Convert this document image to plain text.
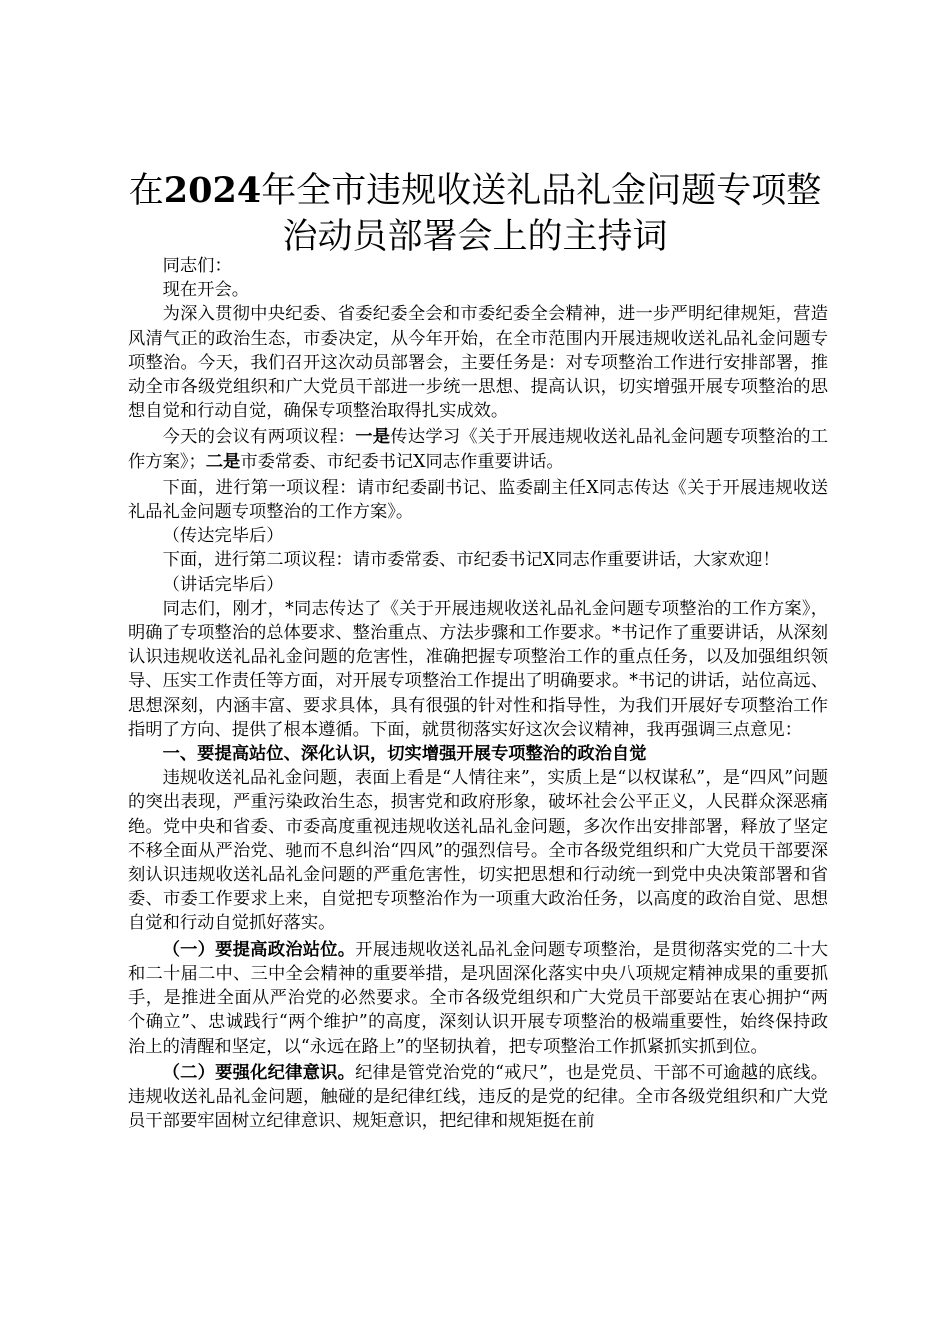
在2024年全市违规收送礼品礼金问题专项整治动员部署会上的主持词

同志们：

现在开会。

为深入贯彻中央纪委、省委纪委全会和市委纪委全会精神，进一步严明纪律规矩，营造风清气正的政治生态，市委决定，从今年开始，在全市范围内开展违规收送礼品礼金问题专项整治。今天，我们召开这次动员部署会，主要任务是：对专项整治工作进行安排部署，推动全市各级党组织和广大党员干部进一步统一思想、提高认识，切实增强开展专项整治的思想自觉和行动自觉，确保专项整治取得扎实成效。

今天的会议有两项议程：一是传达学习《关于开展违规收送礼品礼金问题专项整治的工作方案》；二是市委常委、市纪委书记X同志作重要讲话。

下面，进行第一项议程：请市纪委副书记、监委副主任X同志传达《关于开展违规收送礼品礼金问题专项整治的工作方案》。

（传达完毕后）

下面，进行第二项议程：请市委常委、市纪委书记X同志作重要讲话，大家欢迎！

（讲话完毕后）

同志们，刚才，*同志传达了《关于开展违规收送礼品礼金问题专项整治的工作方案》，明确了专项整治的总体要求、整治重点、方法步骤和工作要求。*书记作了重要讲话，从深刻认识违规收送礼品礼金问题的危害性，准确把握专项整治工作的重点任务，以及加强组织领导、压实工作责任等方面，对开展专项整治工作提出了明确要求。*书记的讲话，站位高远、思想深刻，内涵丰富、要求具体，具有很强的针对性和指导性，为我们开展好专项整治工作指明了方向、提供了根本遵循。下面，就贯彻落实好这次会议精神，我再强调三点意见：

一、要提高站位、深化认识，切实增强开展专项整治的政治自觉

违规收送礼品礼金问题，表面上看是“人情往来”，实质上是“以权谋私”，是“四风”问题的突出表现，严重污染政治生态，损害党和政府形象，破坏社会公平正义，人民群众深恶痛绝。党中央和省委、市委高度重视违规收送礼品礼金问题，多次作出安排部署，释放了坚定不移全面从严治党、驰而不息纠治“四风”的强烈信号。全市各级党组织和广大党员干部要深刻认识违规收送礼品礼金问题的严重危害性，切实把思想和行动统一到党中央决策部署和省委、市委工作要求上来，自觉把专项整治作为一项重大政治任务，以高度的政治自觉、思想自觉和行动自觉抓好落实。

（一）要提高政治站位。开展违规收送礼品礼金问题专项整治，是贯彻落实党的二十大和二十届二中、三中全会精神的重要举措，是巩固深化落实中央八项规定精神成果的重要抓手，是推进全面从严治党的必然要求。全市各级党组织和广大党员干部要站在衷心拥护“两个确立”、忠诚践行“两个维护”的高度，深刻认识开展专项整治的极端重要性，始终保持政治上的清醒和坚定，以“永远在路上”的坚韧执着，把专项整治工作抓紧抓实抓到位。

（二）要强化纪律意识。纪律是管党治党的“戒尺”，也是党员、干部不可逾越的底线。违规收送礼品礼金问题，触碰的是纪律红线，违反的是党的纪律。全市各级党组织和广大党员干部要牢固树立纪律意识、规矩意识，把纪律和规矩挺在前
